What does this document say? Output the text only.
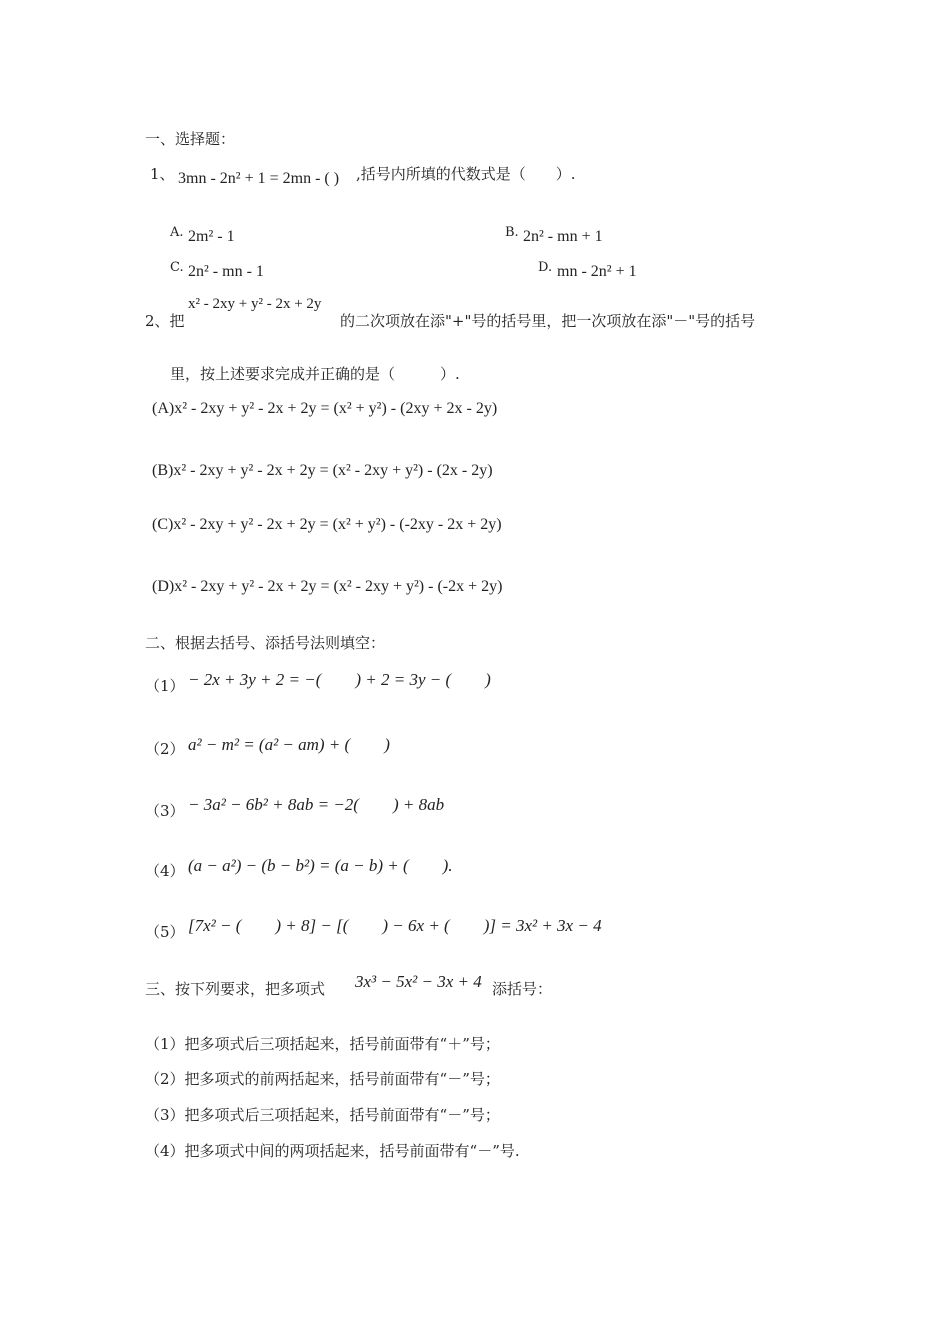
一、选择题：
1、 3mn - 2n² + 1 = 2mn - ( ) ,括号内所填的代数式是（　　）.
A. 2m² - 1	B. 2n² - mn + 1
C. 2n² - mn - 1	D. mn - 2n² + 1
2、把
x² - 2xy + y² - 2x + 2y
的二次项放在添"+"号的括号里，把一次项放在添"－"号的括号
里，按上述要求完成并正确的是（　　　）.
(A)x² - 2xy + y² - 2x + 2y = (x² + y²) - (2xy + 2x - 2y)
(B)x² - 2xy + y² - 2x + 2y = (x² - 2xy + y²) - (2x - 2y)
(C)x² - 2xy + y² - 2x + 2y = (x² + y²) - (-2xy - 2x + 2y)
(D)x² - 2xy + y² - 2x + 2y = (x² - 2xy + y²) - (-2x + 2y)
二、根据去括号、添括号法则填空：
（1） − 2x + 3y + 2 = −(　　) + 2 = 3y − (　　)
（2） a² − m² = (a² − am) + (　　)
（3） − 3a² − 6b² + 8ab = −2(　　) + 8ab
（4） (a − a²) − (b − b²) = (a − b) + (　　).
（5） [7x² − (　　) + 8] − [(　　) − 6x + (　　)] = 3x² + 3x − 4
三、按下列要求，把多项式 3x³ − 5x² − 3x + 4 添括号：
（1）把多项式后三项括起来，括号前面带有“＋”号；
（2）把多项式的前两括起来，括号前面带有“－”号；
（3）把多项式后三项括起来，括号前面带有“－”号；
（4）把多项式中间的两项括起来，括号前面带有“－”号.
